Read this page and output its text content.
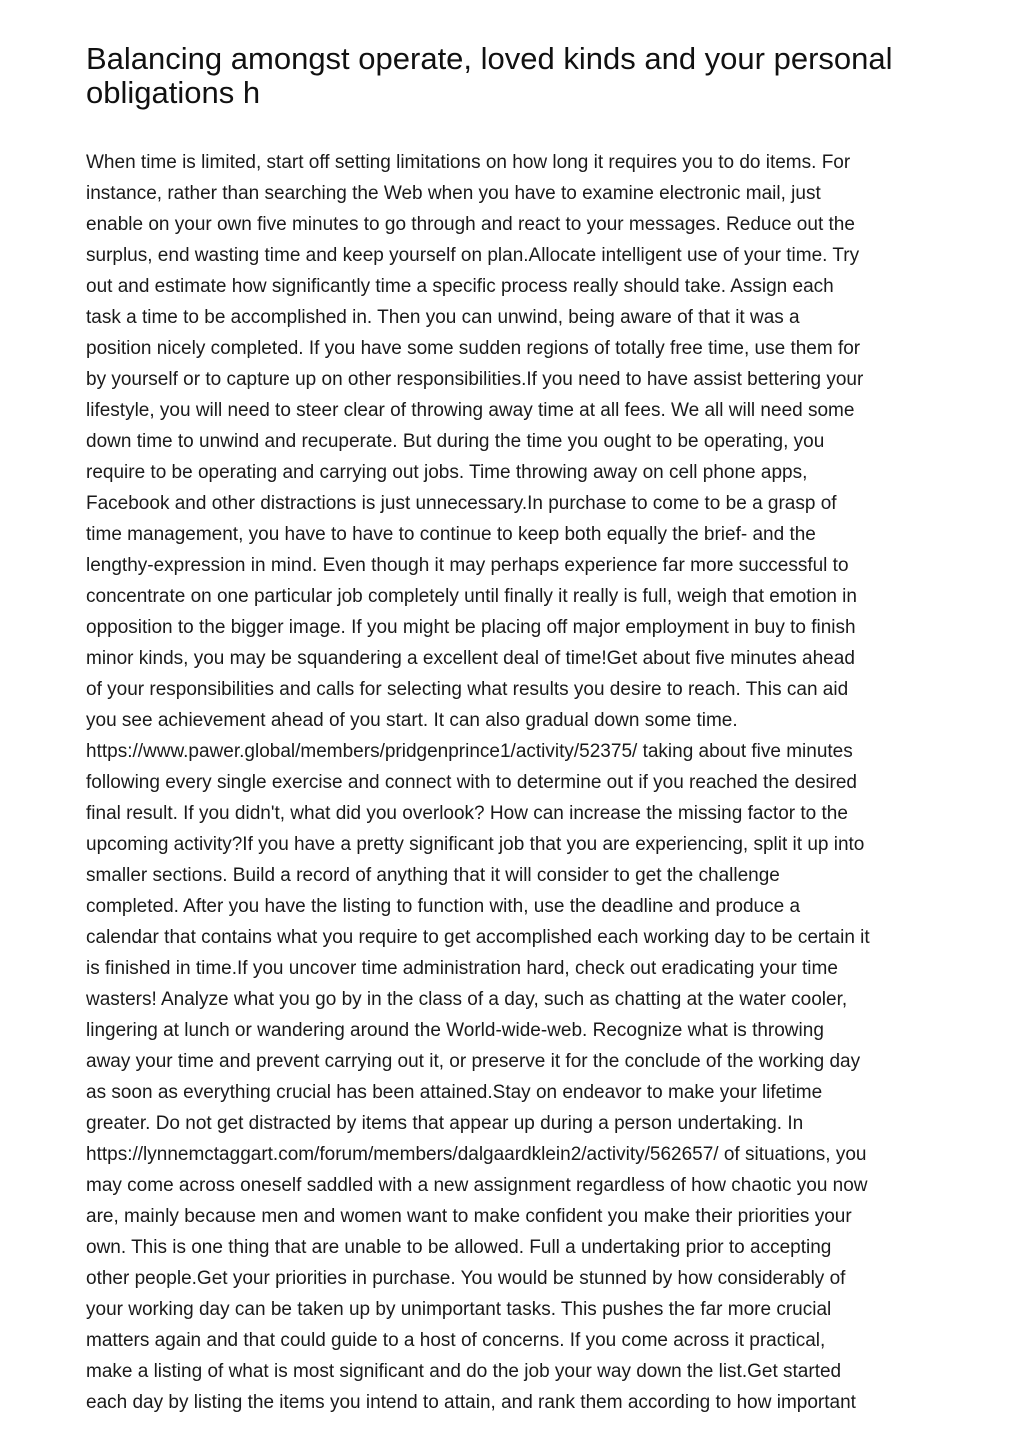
Balancing amongst operate, loved kinds and your personal
obligations h

When time is limited, start off setting limitations on how long it requires you to do items. For
instance, rather than searching the Web when you have to examine electronic mail, just
enable on your own five minutes to go through and react to your messages. Reduce out the
surplus, end wasting time and keep yourself on plan.Allocate intelligent use of your time. Try
out and estimate how significantly time a specific process really should take. Assign each
task a time to be accomplished in. Then you can unwind, being aware of that it was a
position nicely completed. If you have some sudden regions of totally free time, use them for
by yourself or to capture up on other responsibilities.If you need to have assist bettering your
lifestyle, you will need to steer clear of throwing away time at all fees. We all will need some
down time to unwind and recuperate. But during the time you ought to be operating, you
require to be operating and carrying out jobs. Time throwing away on cell phone apps,
Facebook and other distractions is just unnecessary.In purchase to come to be a grasp of
time management, you have to have to continue to keep both equally the brief- and the
lengthy-expression in mind. Even though it may perhaps experience far more successful to
concentrate on one particular job completely until finally it really is full, weigh that emotion in
opposition to the bigger image. If you might be placing off major employment in buy to finish
minor kinds, you may be squandering a excellent deal of time!Get about five minutes ahead
of your responsibilities and calls for selecting what results you desire to reach. This can aid
you see achievement ahead of you start. It can also gradual down some time.
https://www.pawer.global/members/pridgenprince1/activity/52375/ taking about five minutes
following every single exercise and connect with to determine out if you reached the desired
final result. If you didn't, what did you overlook? How can increase the missing factor to the
upcoming activity?If you have a pretty significant job that you are experiencing, split it up into
smaller sections. Build a record of anything that it will consider to get the challenge
completed. After you have the listing to function with, use the deadline and produce a
calendar that contains what you require to get accomplished each working day to be certain it
is finished in time.If you uncover time administration hard, check out eradicating your time
wasters! Analyze what you go by in the class of a day, such as chatting at the water cooler,
lingering at lunch or wandering around the World-wide-web. Recognize what is throwing
away your time and prevent carrying out it, or preserve it for the conclude of the working day
as soon as everything crucial has been attained.Stay on endeavor to make your lifetime
greater. Do not get distracted by items that appear up during a person undertaking. In
https://lynnemctaggart.com/forum/members/dalgaardklein2/activity/562657/ of situations, you
may come across oneself saddled with a new assignment regardless of how chaotic you now
are, mainly because men and women want to make confident you make their priorities your
own. This is one thing that are unable to be allowed. Full a undertaking prior to accepting
other people.Get your priorities in purchase. You would be stunned by how considerably of
your working day can be taken up by unimportant tasks. This pushes the far more crucial
matters again and that could guide to a host of concerns. If you come across it practical,
make a listing of what is most significant and do the job your way down the list.Get started
each day by listing the items you intend to attain, and rank them according to how important
